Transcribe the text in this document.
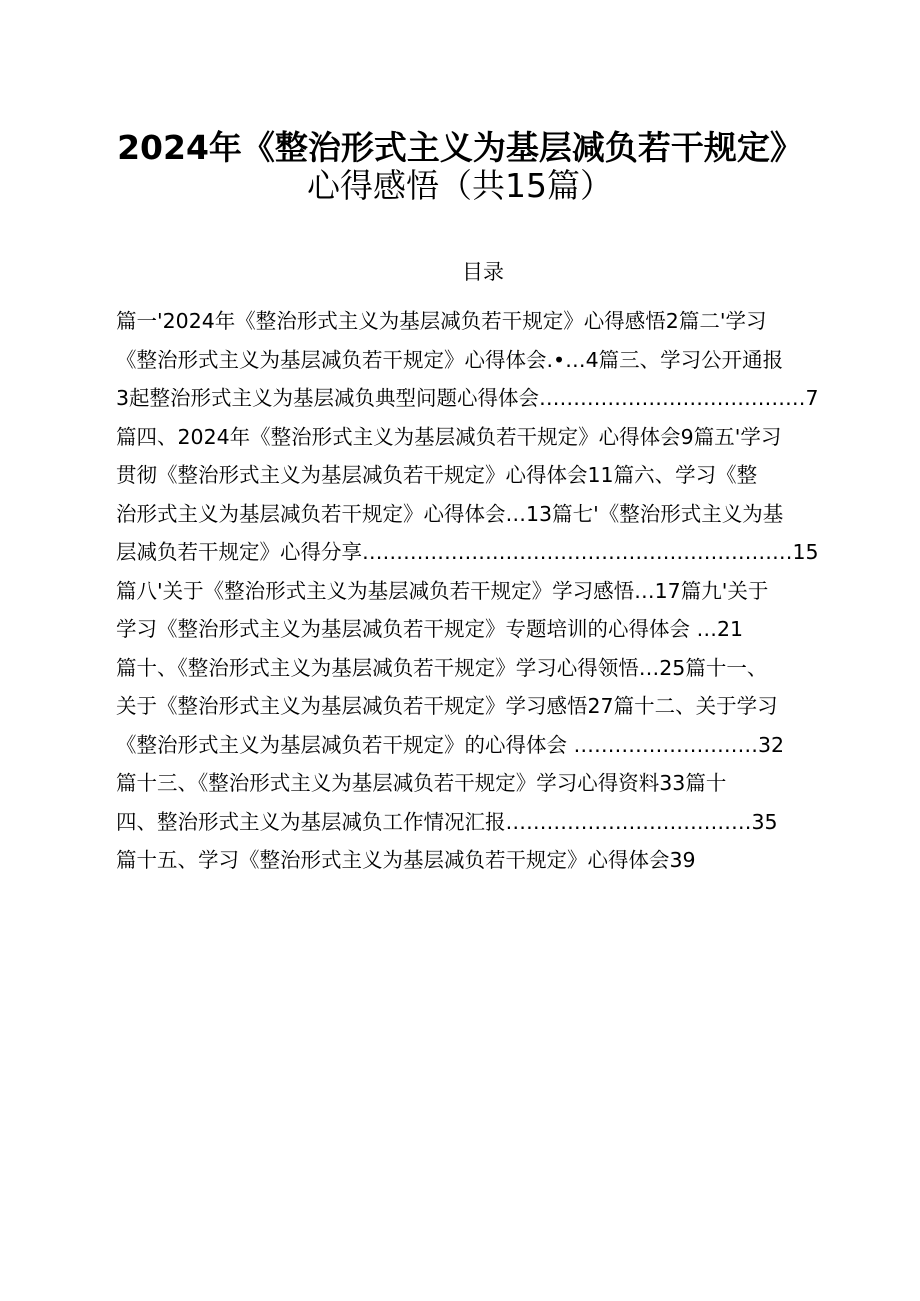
2024年《整治形式主义为基层减负若干规定》
心得感悟（共15篇）
目录
篇一'2024年《整治形式主义为基层减负若干规定》心得感悟2篇二'学习
《整治形式主义为基层减负若干规定》心得体会.•…4篇三、学习公开通报
3起整治形式主义为基层减负典型问题心得体会…………………………………7
篇四、2024年《整治形式主义为基层减负若干规定》心得体会9篇五'学习
贯彻《整治形式主义为基层减负若干规定》心得体会11篇六、学习《整
治形式主义为基层减负若干规定》心得体会…13篇七'《整治形式主义为基
层减负若干规定》心得分享………………………………………………………15
篇八'关于《整治形式主义为基层减负若干规定》学习感悟…17篇九'关于
学习《整治形式主义为基层减负若干规定》专题培训的心得体会 …21
篇十、《整治形式主义为基层减负若干规定》学习心得领悟…25篇十一、
关于《整治形式主义为基层减负若干规定》学习感悟27篇十二、关于学习
《整治形式主义为基层减负若干规定》的心得体会 ………………………32
篇十三、《整治形式主义为基层减负若干规定》学习心得资料33篇十
四、整治形式主义为基层减负工作情况汇报………………………………35
篇十五、学习《整治形式主义为基层减负若干规定》心得体会39
